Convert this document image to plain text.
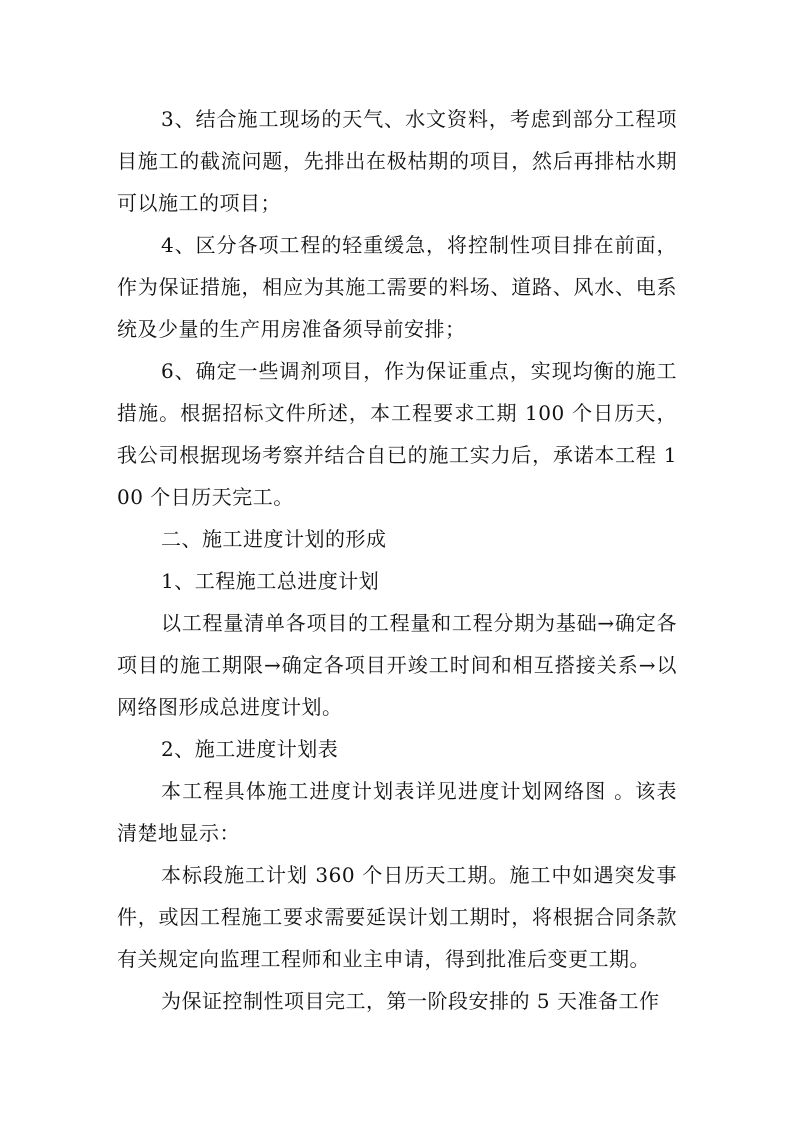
3、结合施工现场的天气、水文资料，考虑到部分工程项目施工的截流问题，先排出在极枯期的项目，然后再排枯水期可以施工的项目；

4、区分各项工程的轻重缓急，将控制性项目排在前面，作为保证措施，相应为其施工需要的料场、道路、风水、电系统及少量的生产用房准备须导前安排；

6、确定一些调剂项目，作为保证重点，实现均衡的施工措施。根据招标文件所述，本工程要求工期 100 个日历天，我公司根据现场考察并结合自已的施工实力后，承诺本工程 100 个日历天完工。

二、施工进度计划的形成

1、工程施工总进度计划

以工程量清单各项目的工程量和工程分期为基础→确定各项目的施工期限→确定各项目开竣工时间和相互搭接关系→以网络图形成总进度计划。

2、施工进度计划表

本工程具体施工进度计划表详见进度计划网络图 。该表清楚地显示：

本标段施工计划 360 个日历天工期。施工中如遇突发事件，或因工程施工要求需要延误计划工期时，将根据合同条款有关规定向监理工程师和业主申请，得到批准后变更工期。

为保证控制性项目完工，第一阶段安排的 5 天准备工作
